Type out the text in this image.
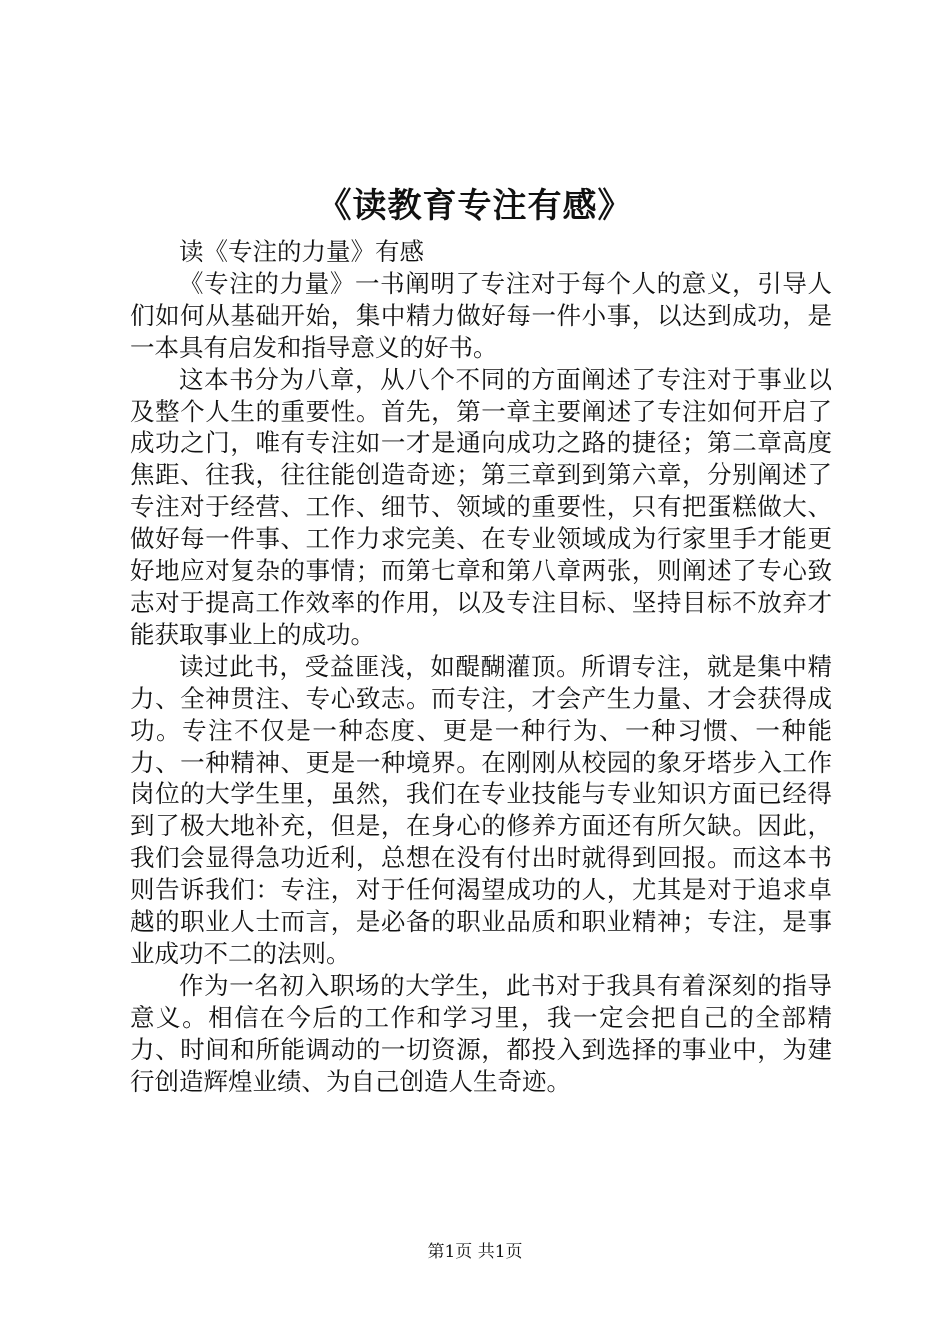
《读教育专注有感》

读《专注的力量》有感

《专注的力量》一书阐明了专注对于每个人的意义，引导人们如何从基础开始，集中精力做好每一件小事，以达到成功，是一本具有启发和指导意义的好书。

这本书分为八章，从八个不同的方面阐述了专注对于事业以及整个人生的重要性。首先，第一章主要阐述了专注如何开启了成功之门，唯有专注如一才是通向成功之路的捷径；第二章高度焦距、往我，往往能创造奇迹；第三章到到第六章，分别阐述了专注对于经营、工作、细节、领域的重要性，只有把蛋糕做大、做好每一件事、工作力求完美、在专业领域成为行家里手才能更好地应对复杂的事情；而第七章和第八章两张，则阐述了专心致志对于提高工作效率的作用，以及专注目标、坚持目标不放弃才能获取事业上的成功。

读过此书，受益匪浅，如醍醐灌顶。所谓专注，就是集中精力、全神贯注、专心致志。而专注，才会产生力量、才会获得成功。专注不仅是一种态度、更是一种行为、一种习惯、一种能力、一种精神、更是一种境界。在刚刚从校园的象牙塔步入工作岗位的大学生里，虽然，我们在专业技能与专业知识方面已经得到了极大地补充，但是，在身心的修养方面还有所欠缺。因此，我们会显得急功近利，总想在没有付出时就得到回报。而这本书则告诉我们：专注，对于任何渴望成功的人，尤其是对于追求卓越的职业人士而言，是必备的职业品质和职业精神；专注，是事业成功不二的法则。

作为一名初入职场的大学生，此书对于我具有着深刻的指导意义。相信在今后的工作和学习里，我一定会把自己的全部精力、时间和所能调动的一切资源，都投入到选择的事业中，为建行创造辉煌业绩、为自己创造人生奇迹。

第1页 共1页
